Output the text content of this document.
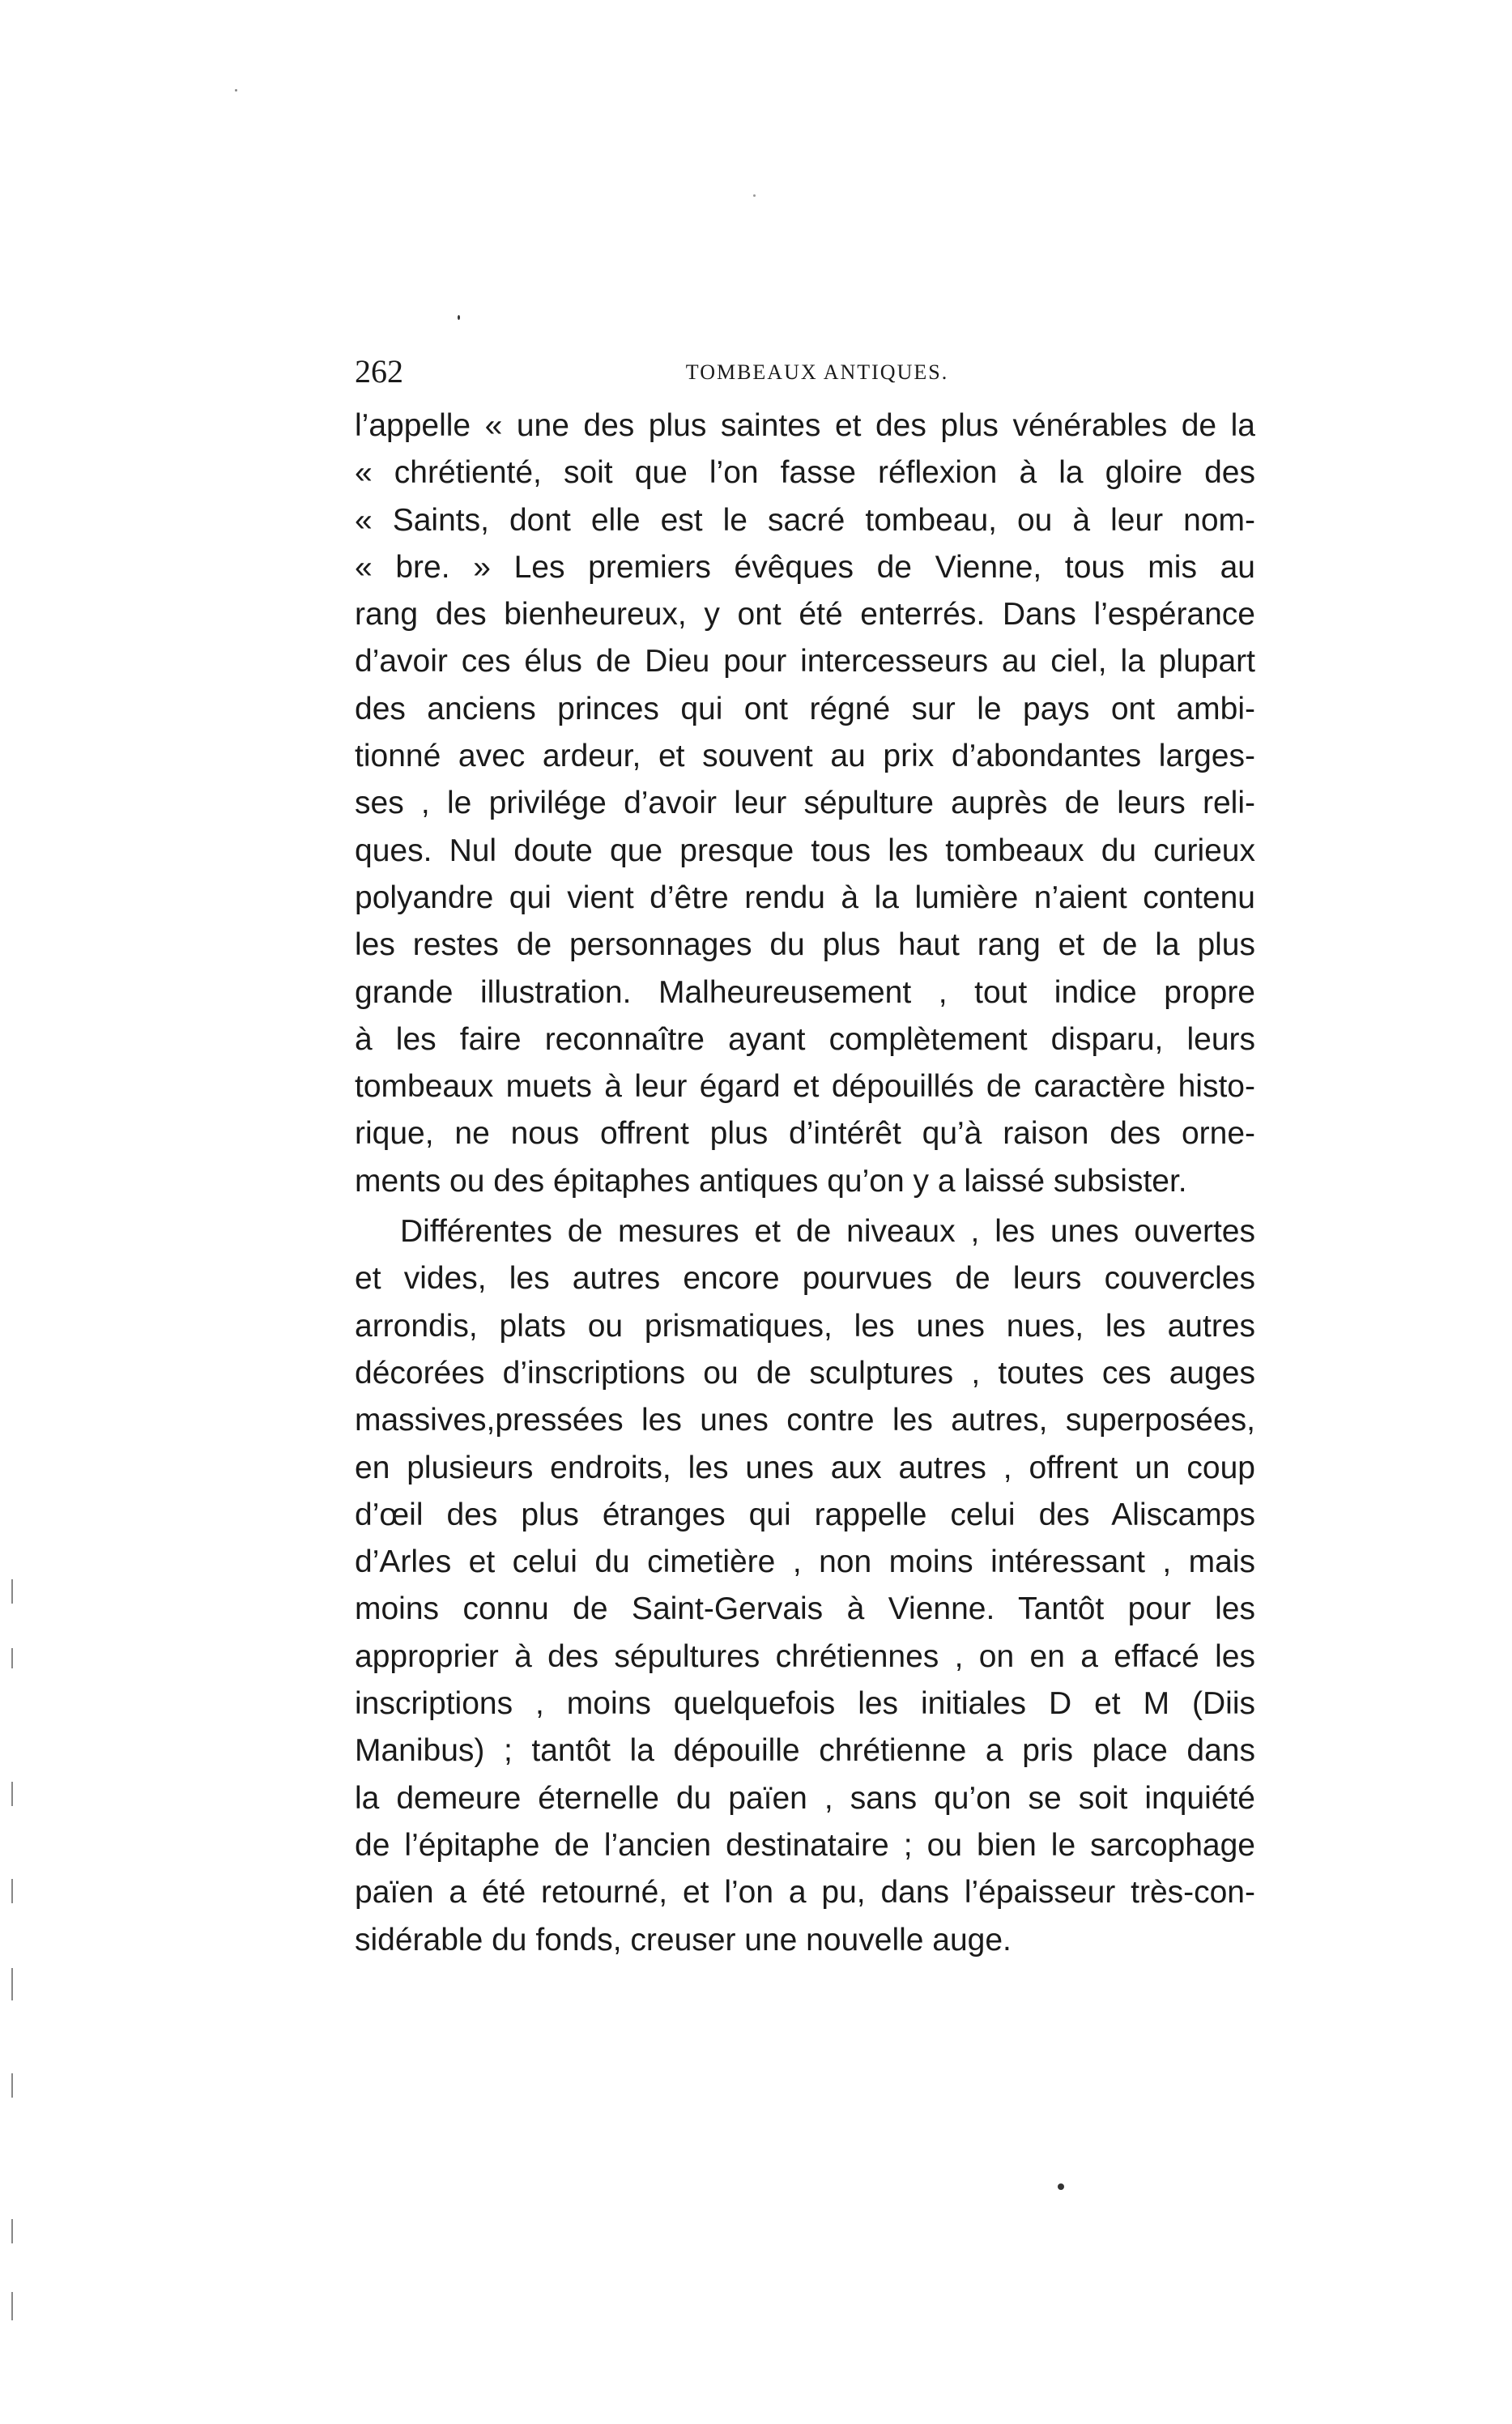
262	TOMBEAUX ANTIQUES.
l’appelle « une des plus saintes et des plus vénérables de la
« chrétienté, soit que l’on fasse réflexion à la gloire des
« Saints, dont elle est le sacré tombeau, ou à leur nom-
« bre. » Les premiers évêques de Vienne, tous mis au
rang des bienheureux, y ont été enterrés. Dans l’espérance
d’avoir ces élus de Dieu pour intercesseurs au ciel, la plupart
des anciens princes qui ont régné sur le pays ont ambi-
tionné avec ardeur, et souvent au prix d’abondantes larges-
ses , le privilége d’avoir leur sépulture auprès de leurs reli-
ques. Nul doute que presque tous les tombeaux du curieux
polyandre qui vient d’être rendu à la lumière n’aient contenu
les restes de personnages du plus haut rang et de la plus
grande illustration. Malheureusement , tout indice propre
à les faire reconnaître ayant complètement disparu, leurs
tombeaux muets à leur égard et dépouillés de caractère histo-
rique, ne nous offrent plus d’intérêt qu’à raison des orne-
ments ou des épitaphes antiques qu’on y a laissé subsister.
Différentes de mesures et de niveaux , les unes ouvertes
et vides, les autres encore pourvues de leurs couvercles
arrondis, plats ou prismatiques, les unes nues, les autres
décorées d’inscriptions ou de sculptures , toutes ces auges
massives,pressées les unes contre les autres, superposées,
en plusieurs endroits, les unes aux autres , offrent un coup
d’œil des plus étranges qui rappelle celui des Aliscamps
d’Arles et celui du cimetière , non moins intéressant , mais
moins connu de Saint-Gervais à Vienne. Tantôt pour les
approprier à des sépultures chrétiennes , on en a effacé les
inscriptions , moins quelquefois les initiales D et M (Diis
Manibus) ; tantôt la dépouille chrétienne a pris place dans
la demeure éternelle du païen , sans qu’on se soit inquiété
de l’épitaphe de l’ancien destinataire ; ou bien le sarcophage
païen a été retourné, et l’on a pu, dans l’épaisseur très-con-
sidérable du fonds, creuser une nouvelle auge.
